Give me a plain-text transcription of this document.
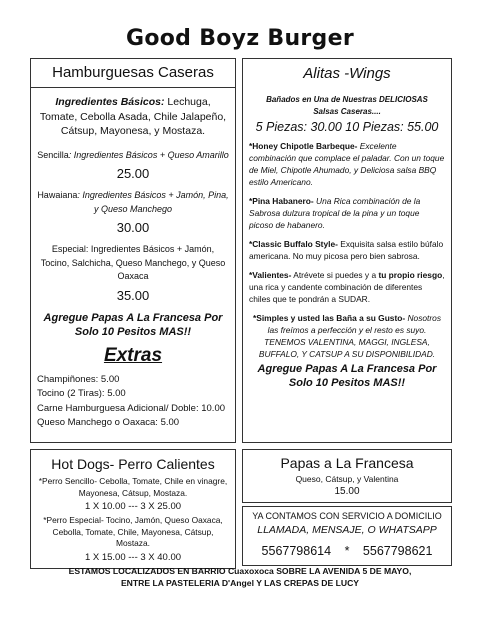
Good Boyz Burger
Hamburguesas Caseras
Ingredientes Básicos: Lechuga, Tomate, Cebolla Asada, Chile Jalapeño, Cátsup, Mayonesa, y Mostaza.
Sencilla: Ingredientes Básicos + Queso Amarillo
25.00
Hawaiana: Ingredientes Básicos + Jamón, Pina, y Queso Manchego
30.00
Especial: Ingredientes Básicos + Jamón, Tocino, Salchicha, Queso Manchego, y Queso Oaxaca
35.00
Agregue Papas A La Francesa Por Solo 10 Pesitos MAS!!
Extras
Champiñones: 5.00
Tocino (2 Tiras): 5.00
Carne Hamburguesa Adicional/ Doble: 10.00
Queso Manchego o Oaxaca: 5.00
Alitas -Wings
Bañados en Una de Nuestras DELICIOSAS Salsas Caseras....
5 Piezas: 30.00 10 Piezas: 55.00
*Honey Chipotle Barbeque- Excelente combinación que complace el paladar. Con un toque de Miel, Chipotle Ahumado, y Deliciosa salsa BBQ estilo Americano.
*Pina Habanero- Una Rica combinación de la Sabrosa dulzura tropical de la pina y un toque picoso de habanero.
*Classic Buffalo Style- Exquisita salsa estilo búfalo americana. No muy picosa pero bien sabrosa.
*Valientes- Atrévete si puedes y a tu propio riesgo, una rica y candente combinación de diferentes chiles que te pondrán a SUDAR.
*Simples y usted las Baña a su Gusto- Nosotros las freímos a perfección y el resto es suyo. TENEMOS VALENTINA, MAGGI, INGLESA, BUFFALO, Y CATSUP A SU DISPONIBILIDAD.
Agregue Papas A La Francesa Por Solo 10 Pesitos MAS!!
Hot Dogs- Perro Calientes
*Perro Sencillo- Cebolla, Tomate, Chile en vinagre, Mayonesa, Cátsup, Mostaza.
1 X 10.00 --- 3 X 25.00
*Perro Especial- Tocino, Jamón, Queso Oaxaca, Cebolla, Tomate, Chile, Mayonesa, Cátsup, Mostaza.
1 X 15.00 --- 3 X 40.00
Papas a La Francesa
Queso, Cátsup, y Valentina
15.00
YA CONTAMOS CON SERVICIO A DOMICILIO
LLAMADA, MENSAJE, O WHATSAPP
5567798614 * 5567798621
ESTAMOS LOCALIZADOS EN BARRIO Cuaxoxoca SOBRE LA AVENIDA 5 DE MAYO,
ENTRE LA PASTELERIA D'Angel Y LAS CREPAS DE LUCY
